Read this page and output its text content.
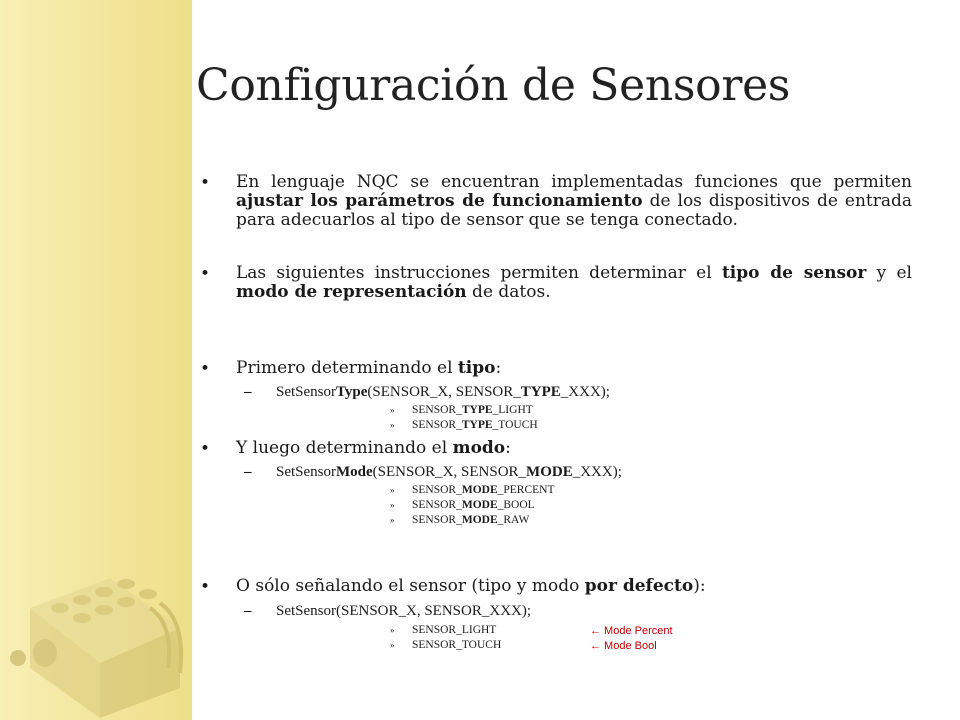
Configuración de Sensores
• En lenguaje NQC se encuentran implementadas funciones que permiten ajustar los parámetros de funcionamiento de los dispositivos de entrada para adecuarlos al tipo de sensor que se tenga conectado.
• Las siguientes instrucciones permiten determinar el tipo de sensor y el modo de representación de datos.
• Primero determinando el tipo:
– SetSensorType(SENSOR_X, SENSOR_TYPE_XXX);
» SENSOR_TYPE_LIGHT
» SENSOR_TYPE_TOUCH
• Y luego determinando el modo:
– SetSensorMode(SENSOR_X, SENSOR_MODE_XXX);
» SENSOR_MODE_PERCENT
» SENSOR_MODE_BOOL
» SENSOR_MODE_RAW
• O sólo señalando el sensor (tipo y modo por defecto):
– SetSensor(SENSOR_X, SENSOR_XXX);
» SENSOR_LIGHT	← Mode Percent
» SENSOR_TOUCH	← Mode Bool
